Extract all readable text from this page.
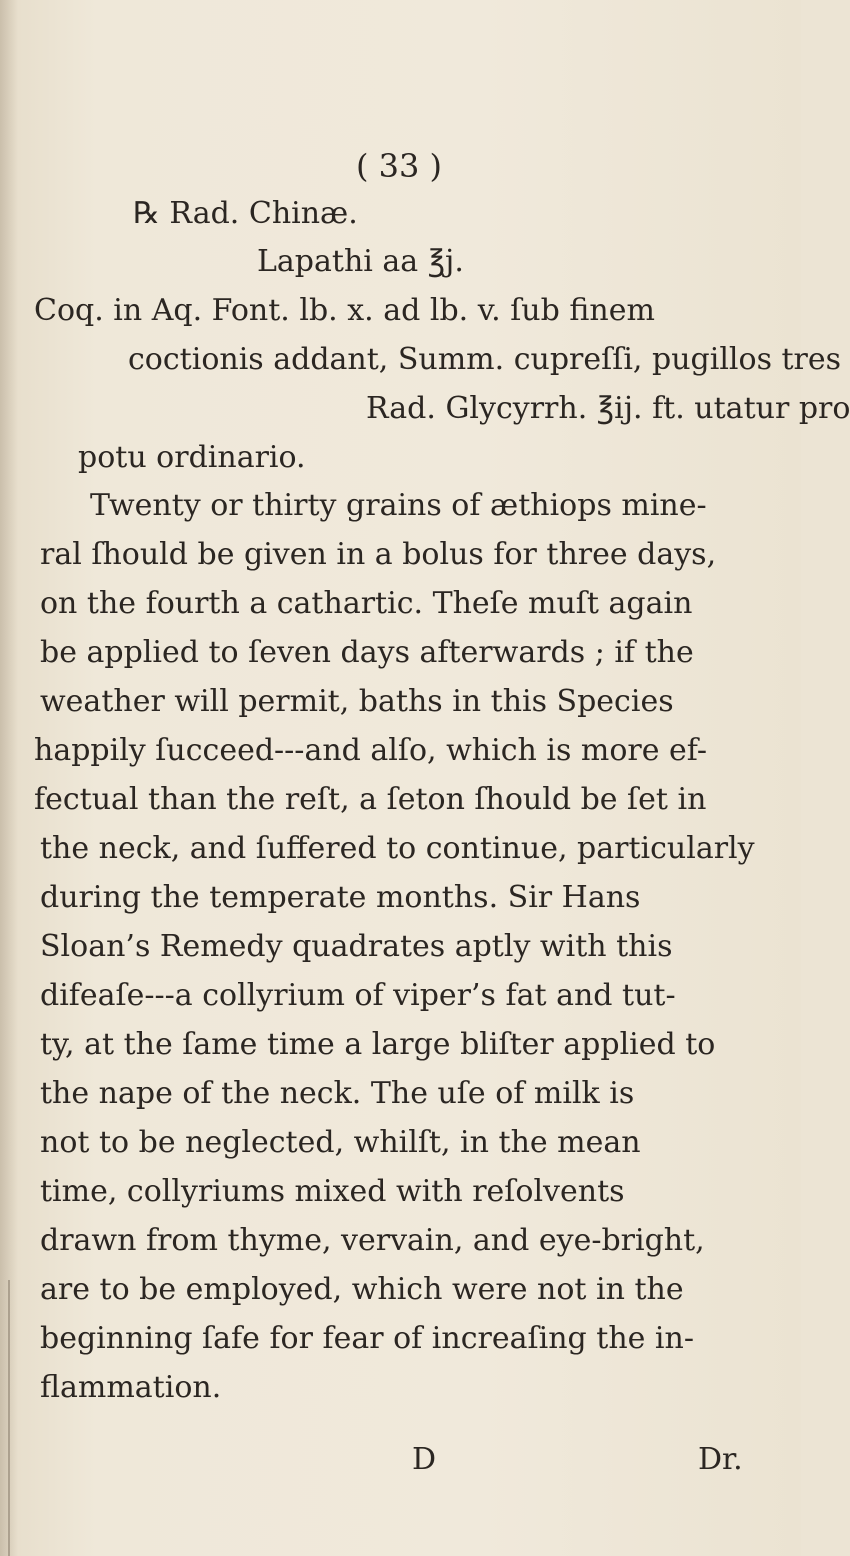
( 33 )
℞ Rad. Chinæ.
Lapathi aa ℥j.
Coq. in Aq. Font. lb. x. ad lb. v. ſub finem
coctionis addant, Summ. cupreſſi, pugillos tres
Rad. Glycyrrh. ℥ij. ft. utatur pro
potu ordinario.
Twenty or thirty grains of æthiops mine-
ral ſhould be given in a bolus for three days,
on the fourth a cathartic. Theſe muſt again
be applied to ſeven days afterwards ; if the
weather will permit, baths in this Species
happily ſucceed---and alſo, which is more ef-
fectual than the reſt, a ſeton ſhould be ſet in
the neck, and ſuffered to continue, particularly
during the temperate months. Sir Hans
Sloan’s Remedy quadrates aptly with this
difeaſe---a collyrium of viper’s fat and tut-
ty, at the ſame time a large bliſter applied to
the nape of the neck. The uſe of milk is
not to be neglected, whilſt, in the mean
time, collyriums mixed with reſolvents
drawn from thyme, vervain, and eye-bright,
are to be employed, which were not in the
beginning ſafe for fear of increaſing the in-
flammation.
D	Dr.
